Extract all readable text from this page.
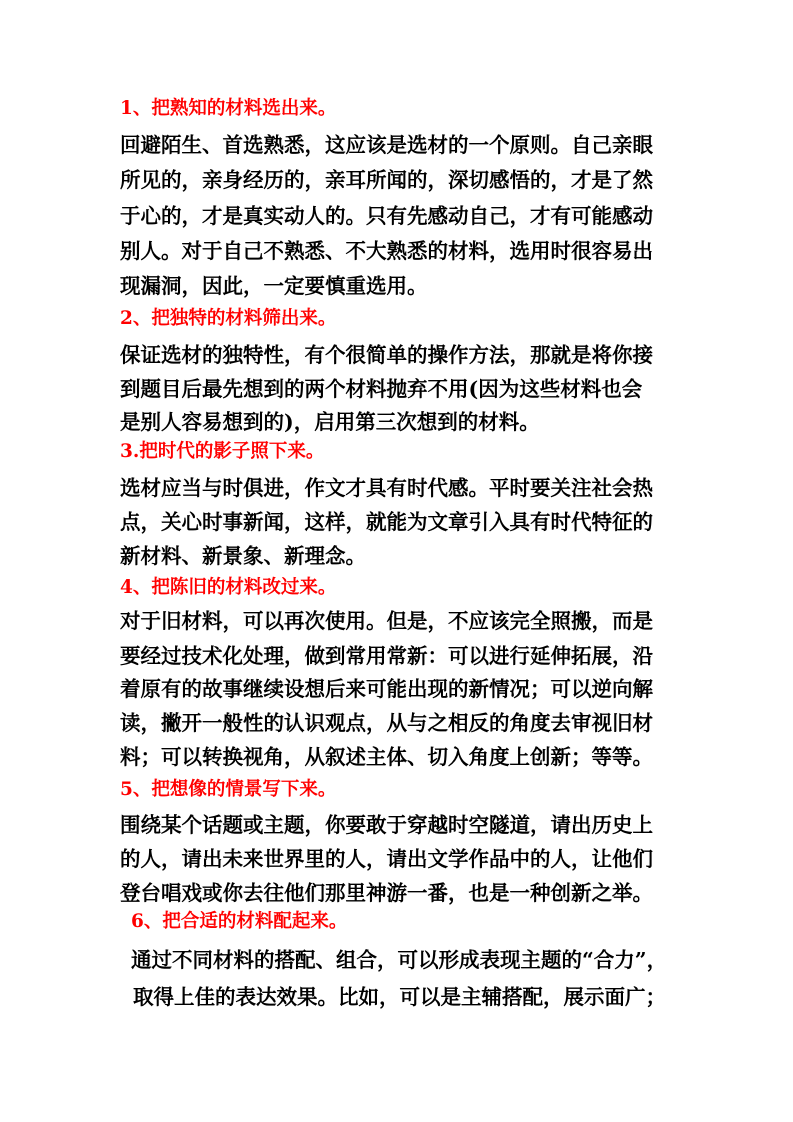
1、把熟知的材料选出来。
回避陌生、首选熟悉，这应该是选材的一个原则。自己亲眼
所见的，亲身经历的，亲耳所闻的，深切感悟的，才是了然
于心的，才是真实动人的。只有先感动自己，才有可能感动
别人。对于自己不熟悉、不大熟悉的材料，选用时很容易出
现漏洞，因此，一定要慎重选用。
2、把独特的材料筛出来。
保证选材的独特性，有个很简单的操作方法，那就是将你接
到题目后最先想到的两个材料抛弃不用(因为这些材料也会
是别人容易想到的)，启用第三次想到的材料。
3.把时代的影子照下来。
选材应当与时俱进，作文才具有时代感。平时要关注社会热
点，关心时事新闻，这样，就能为文章引入具有时代特征的
新材料、新景象、新理念。
4、把陈旧的材料改过来。
对于旧材料，可以再次使用。但是，不应该完全照搬，而是
要经过技术化处理，做到常用常新：可以进行延伸拓展，沿
着原有的故事继续设想后来可能出现的新情况；可以逆向解
读，撇开一般性的认识观点，从与之相反的角度去审视旧材
料；可以转换视角，从叙述主体、切入角度上创新；等等。
5、把想像的情景写下来。
围绕某个话题或主题，你要敢于穿越时空隧道，请出历史上
的人，请出未来世界里的人，请出文学作品中的人，让他们
登台唱戏或你去往他们那里神游一番，也是一种创新之举。
6、把合适的材料配起来。
通过不同材料的搭配、组合，可以形成表现主题的“合力”，
取得上佳的表达效果。比如，可以是主辅搭配，展示面广；
